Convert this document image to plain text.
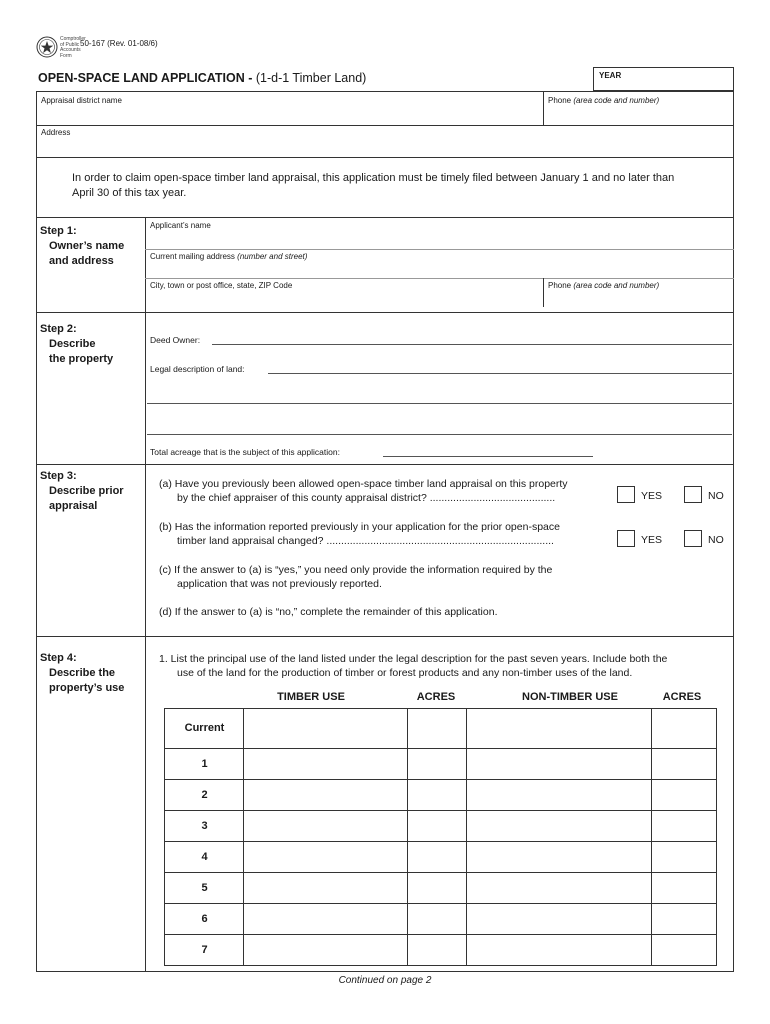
Comptroller
of Public
Accounts
Form
50-167 (Rev. 01-08/6)
OPEN-SPACE LAND APPLICATION - (1-d-1 Timber Land)	YEAR
Appraisal district name	Phone (area code and number)
Address
In order to claim open-space timber land appraisal, this application must be timely filed between January 1 and no later than
April 30 of this tax year.
Step 1:
Owner’s name
and address
Applicant’s name
Current mailing address (number and street)
City, town or post office, state, ZIP Code	Phone (area code and number)
Step 2:
Describe
the property
Deed Owner:
Legal description of land:
Total acreage that is the subject of this application:
Step 3:
Describe prior
appraisal
(a) Have you previously been allowed open-space timber land appraisal on this property
by the chief appraiser of this county appraisal district? ...........................................	YES	NO
(b) Has the information reported previously in your application for the prior open-space
timber land appraisal changed? ..............................................................................	YES	NO
(c) If the answer to (a) is “yes,” you need only provide the information required by the
application that was not previously reported.
(d) If the answer to (a) is “no,” complete the remainder of this application.
Step 4:
Describe the
property’s use
1. List the principal use of the land listed under the legal description for the past seven years. Include both the
use of the land for the production of timber or forest products and any non-timber uses of the land.
TIMBER USE	ACRES	NON-TIMBER USE	ACRES
Current
1
2
3
4
5
6
7
Continued on page 2
